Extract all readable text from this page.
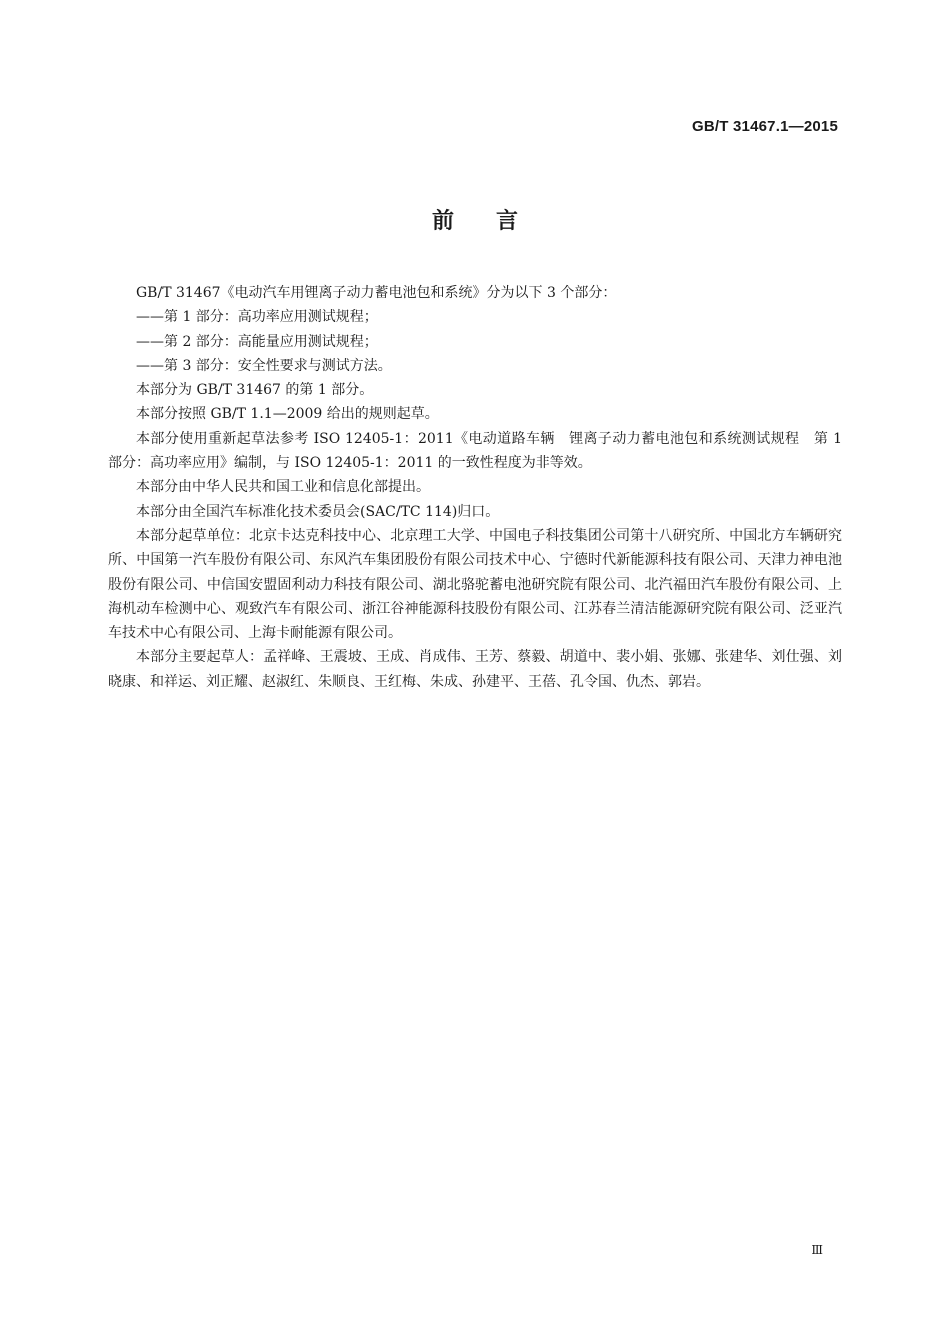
GB/T 31467.1—2015
前言

GB/T 31467《电动汽车用锂离子动力蓄电池包和系统》分为以下 3 个部分：

——第 1 部分：高功率应用测试规程；

——第 2 部分：高能量应用测试规程；

——第 3 部分：安全性要求与测试方法。

本部分为 GB/T 31467 的第 1 部分。

本部分按照 GB/T 1.1—2009 给出的规则起草。

本部分使用重新起草法参考 ISO 12405-1：2011《电动道路车辆　锂离子动力蓄电池包和系统测试规程　第 1 部分：高功率应用》编制，与 ISO 12405-1：2011 的一致性程度为非等效。

本部分由中华人民共和国工业和信息化部提出。

本部分由全国汽车标准化技术委员会(SAC/TC 114)归口。

本部分起草单位：北京卡达克科技中心、北京理工大学、中国电子科技集团公司第十八研究所、中国北方车辆研究所、中国第一汽车股份有限公司、东风汽车集团股份有限公司技术中心、宁德时代新能源科技有限公司、天津力神电池股份有限公司、中信国安盟固利动力科技有限公司、湖北骆驼蓄电池研究院有限公司、北汽福田汽车股份有限公司、上海机动车检测中心、观致汽车有限公司、浙江谷神能源科技股份有限公司、江苏春兰清洁能源研究院有限公司、泛亚汽车技术中心有限公司、上海卡耐能源有限公司。

本部分主要起草人：孟祥峰、王震坡、王成、肖成伟、王芳、蔡毅、胡道中、裴小娟、张娜、张建华、刘仕强、刘晓康、和祥运、刘正耀、赵淑红、朱顺良、王红梅、朱成、孙建平、王蓓、孔令国、仇杰、郭岩。

Ⅲ
